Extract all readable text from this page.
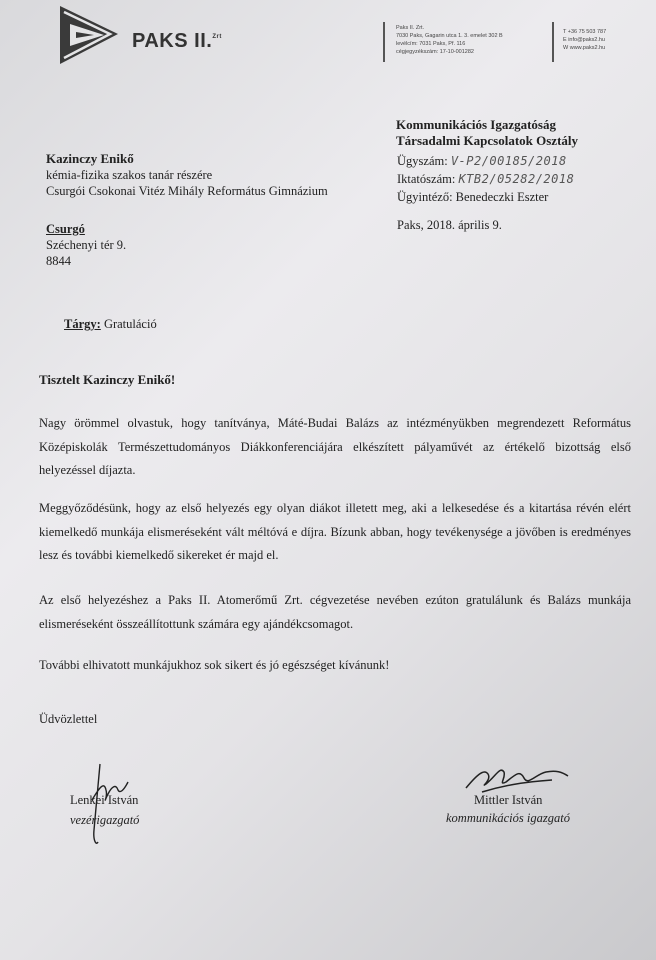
PAKS II.$^{Zrt}$
Paks II. Zrt.
7030 Paks, Gagarin utca 1. 3. emelet 302 B
levélcím: 7031 Paks, Pf. 116
cégjegyzékszám: 17-10-001282
T +36 75 503 787
E info@paks2.hu
W www.paks2.hu
Kommunikációs Igazgatóság
Társadalmi Kapcsolatok Osztály
Kazinczy Enikő
kémia-fizika szakos tanár részére
Csurgói Csokonai Vitéz Mihály Református Gimnázium
Ügyszám: V-P2/00185/2018
Iktatószám: KTB2/05282/2018
Ügyintéző: Benedeczki Eszter
Paks, 2018. április 9.
Csurgó
Széchenyi tér 9.
8844
Tárgy: Gratuláció
Tisztelt Kazinczy Enikő!
Nagy örömmel olvastuk, hogy tanítványa, Máté-Budai Balázs az intézményükben megrendezett Református Középiskolák Természettudományos Diákkonferenciájára elkészített pályaművét az értékelő bizottság első helyezéssel díjazta.
Meggyőződésünk, hogy az első helyezés egy olyan diákot illetett meg, aki a lelkesedése és a kitartása révén elért kiemelkedő munkája elismeréseként vált méltóvá e díjra. Bízunk abban, hogy tevékenysége a jövőben is eredményes lesz és további kiemelkedő sikereket ér majd el.
Az első helyezéshez a Paks II. Atomerőmű Zrt. cégvezetése nevében ezúton gratulálunk és Balázs munkája elismeréseként összeállítottunk számára egy ajándékcsomagot.
További elhivatott munkájukhoz sok sikert és jó egészséget kívánunk!
Üdvözlettel
Lenkei István
vezérigazgató
Mittler István
kommunikációs igazgató
